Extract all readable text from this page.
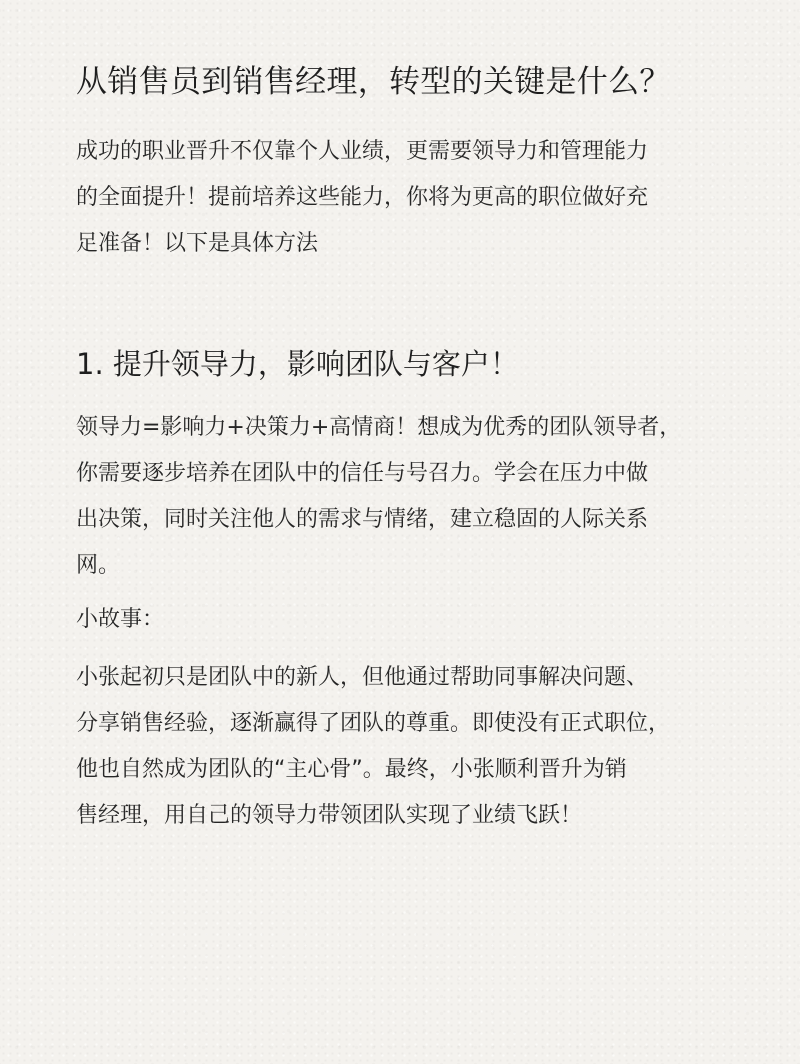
从销售员到销售经理，转型的关键是什么？

成功的职业晋升不仅靠个人业绩，更需要领导力和管理能力
的全面提升！提前培养这些能力，你将为更高的职位做好充
足准备！以下是具体方法

1. 提升领导力，影响团队与客户！

领导力=影响力+决策力+高情商！想成为优秀的团队领导者，
你需要逐步培养在团队中的信任与号召力。学会在压力中做
出决策，同时关注他人的需求与情绪，建立稳固的人际关系
网。

小故事：

小张起初只是团队中的新人，但他通过帮助同事解决问题、
分享销售经验，逐渐赢得了团队的尊重。即使没有正式职位，
他也自然成为团队的“主心骨”。最终，小张顺利晋升为销
售经理，用自己的领导力带领团队实现了业绩飞跃！
